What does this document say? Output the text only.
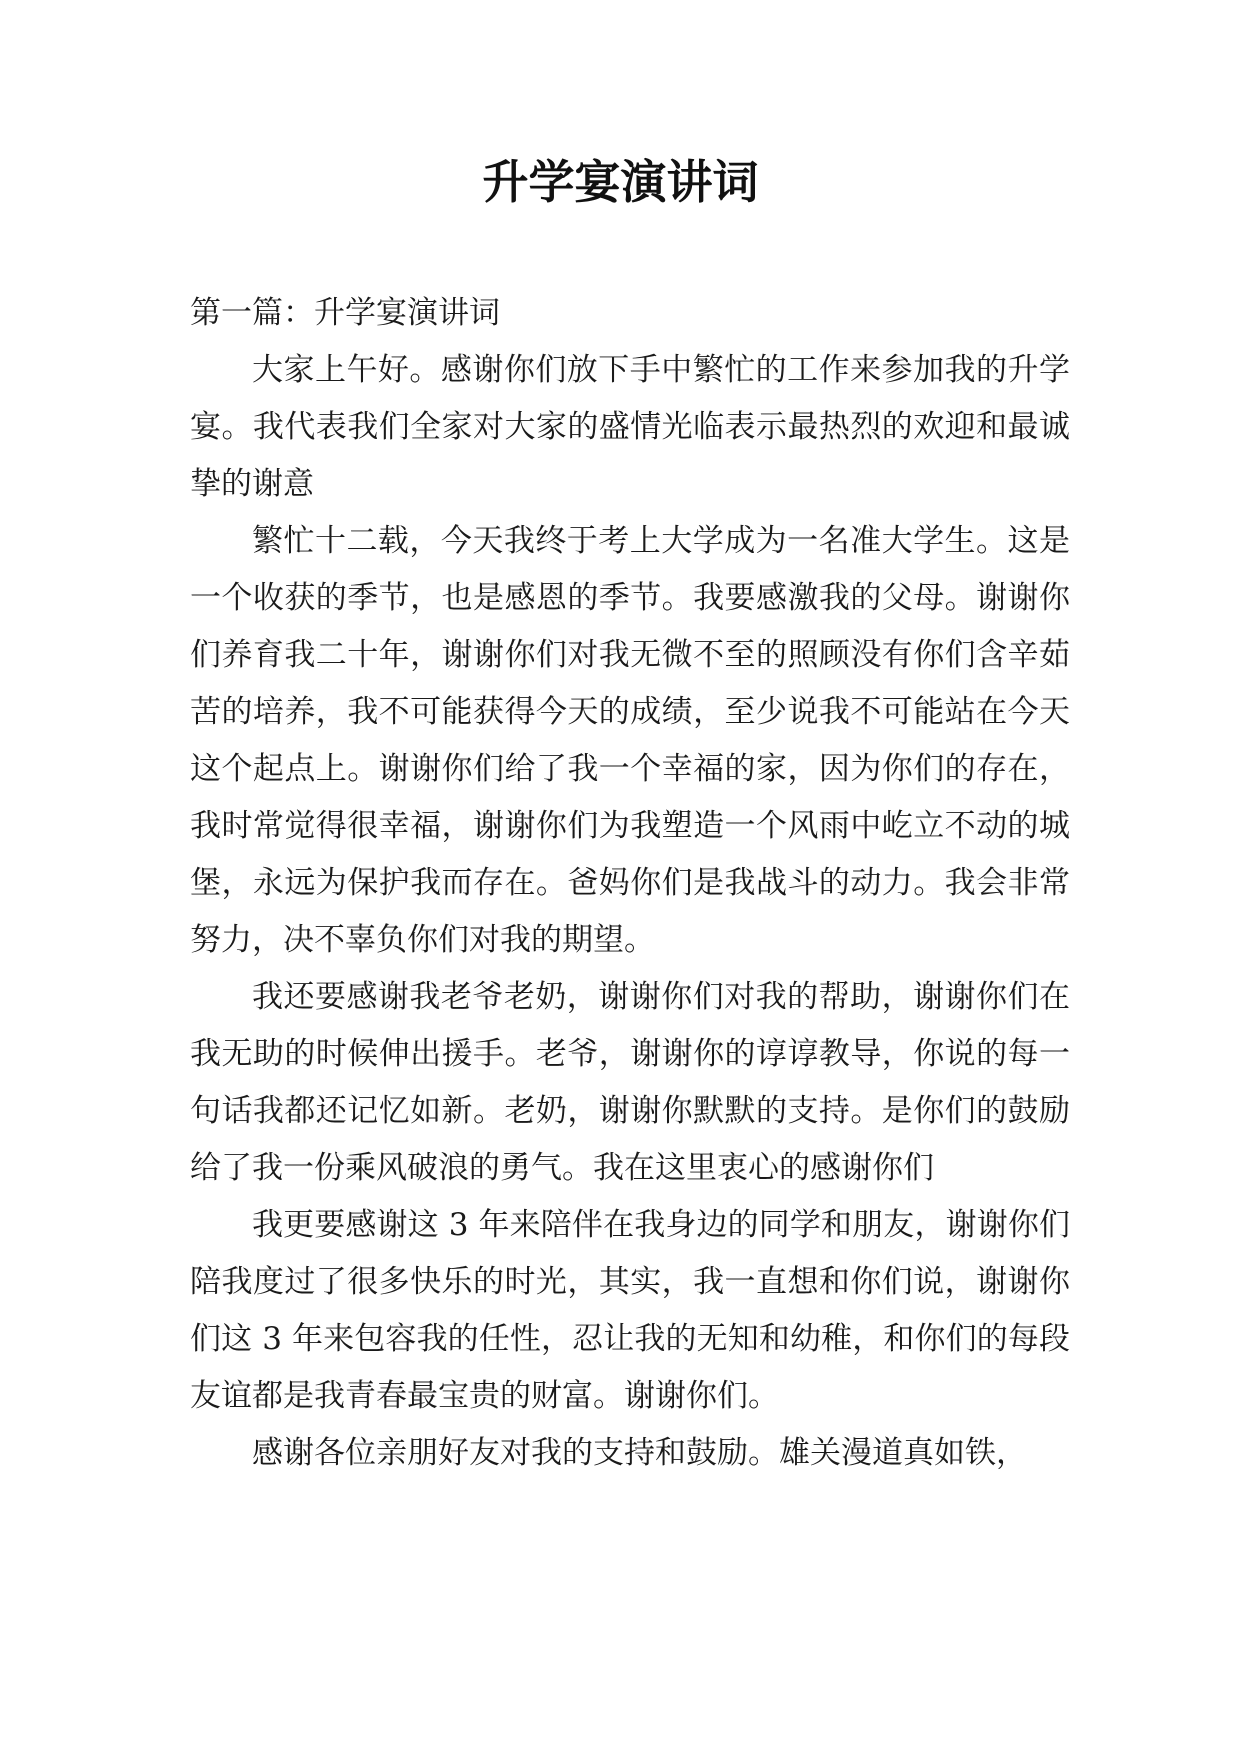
升学宴演讲词

第一篇：升学宴演讲词

大家上午好。感谢你们放下手中繁忙的工作来参加我的升学宴。我代表我们全家对大家的盛情光临表示最热烈的欢迎和最诚挚的谢意

繁忙十二载，今天我终于考上大学成为一名准大学生。这是一个收获的季节，也是感恩的季节。我要感激我的父母。谢谢你们养育我二十年，谢谢你们对我无微不至的照顾没有你们含辛茹苦的培养，我不可能获得今天的成绩，至少说我不可能站在今天这个起点上。谢谢你们给了我一个幸福的家，因为你们的存在，我时常觉得很幸福，谢谢你们为我塑造一个风雨中屹立不动的城堡，永远为保护我而存在。爸妈你们是我战斗的动力。我会非常努力，决不辜负你们对我的期望。

我还要感谢我老爷老奶，谢谢你们对我的帮助，谢谢你们在我无助的时候伸出援手。老爷，谢谢你的谆谆教导，你说的每一句话我都还记忆如新。老奶，谢谢你默默的支持。是你们的鼓励给了我一份乘风破浪的勇气。我在这里衷心的感谢你们

我更要感谢这 3 年来陪伴在我身边的同学和朋友，谢谢你们陪我度过了很多快乐的时光，其实，我一直想和你们说，谢谢你们这 3 年来包容我的任性，忍让我的无知和幼稚，和你们的每段友谊都是我青春最宝贵的财富。谢谢你们。

感谢各位亲朋好友对我的支持和鼓励。雄关漫道真如铁，
